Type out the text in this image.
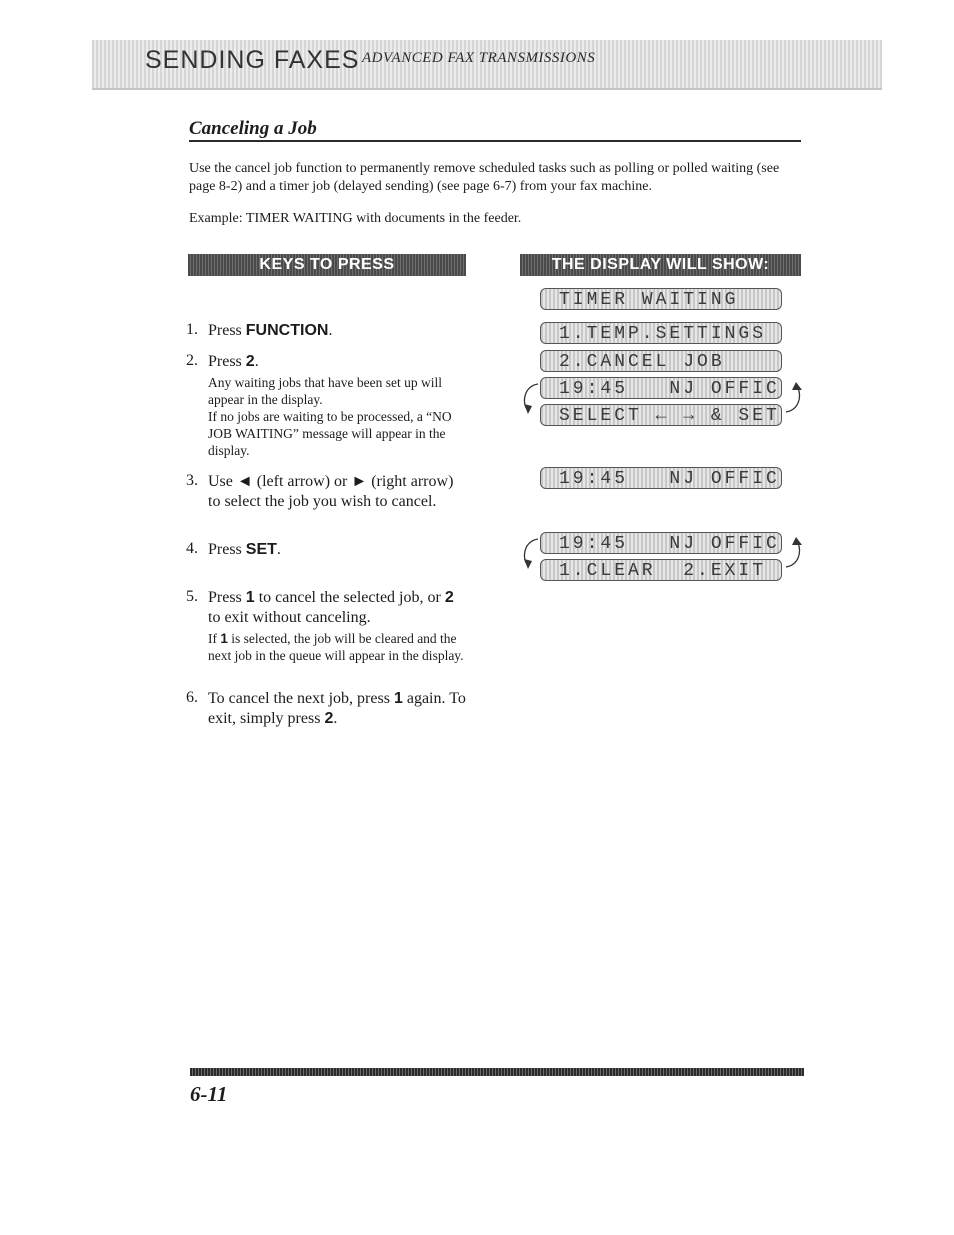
SENDING FAXES ADVANCED FAX TRANSMISSIONS
Canceling a Job
Use the cancel job function to permanently remove scheduled tasks such as polling or polled waiting (see page 8-2) and a timer job (delayed sending) (see page 6-7) from your fax machine.
Example: TIMER WAITING with documents in the feeder.
KEYS TO PRESS	THE DISPLAY WILL SHOW:
1. Press FUNCTION.
2. Press 2.
Any waiting jobs that have been set up will appear in the display.
If no jobs are waiting to be processed, a “NO JOB WAITING” message will appear in the display.
3. Use ◄ (left arrow) or ► (right arrow) to select the job you wish to cancel.
4. Press SET.
5. Press 1 to cancel the selected job, or 2 to exit without canceling.
If 1 is selected, the job will be cleared and the next job in the queue will appear in the display.
6. To cancel the next job, press 1 again. To exit, simply press 2.
TIMER WAITING
1.TEMP.SETTINGS
2.CANCEL JOB
19:45   NJ OFFIC
SELECT ← → & SET
19:45   NJ OFFIC
19:45   NJ OFFIC
1.CLEAR  2.EXIT
6-11
